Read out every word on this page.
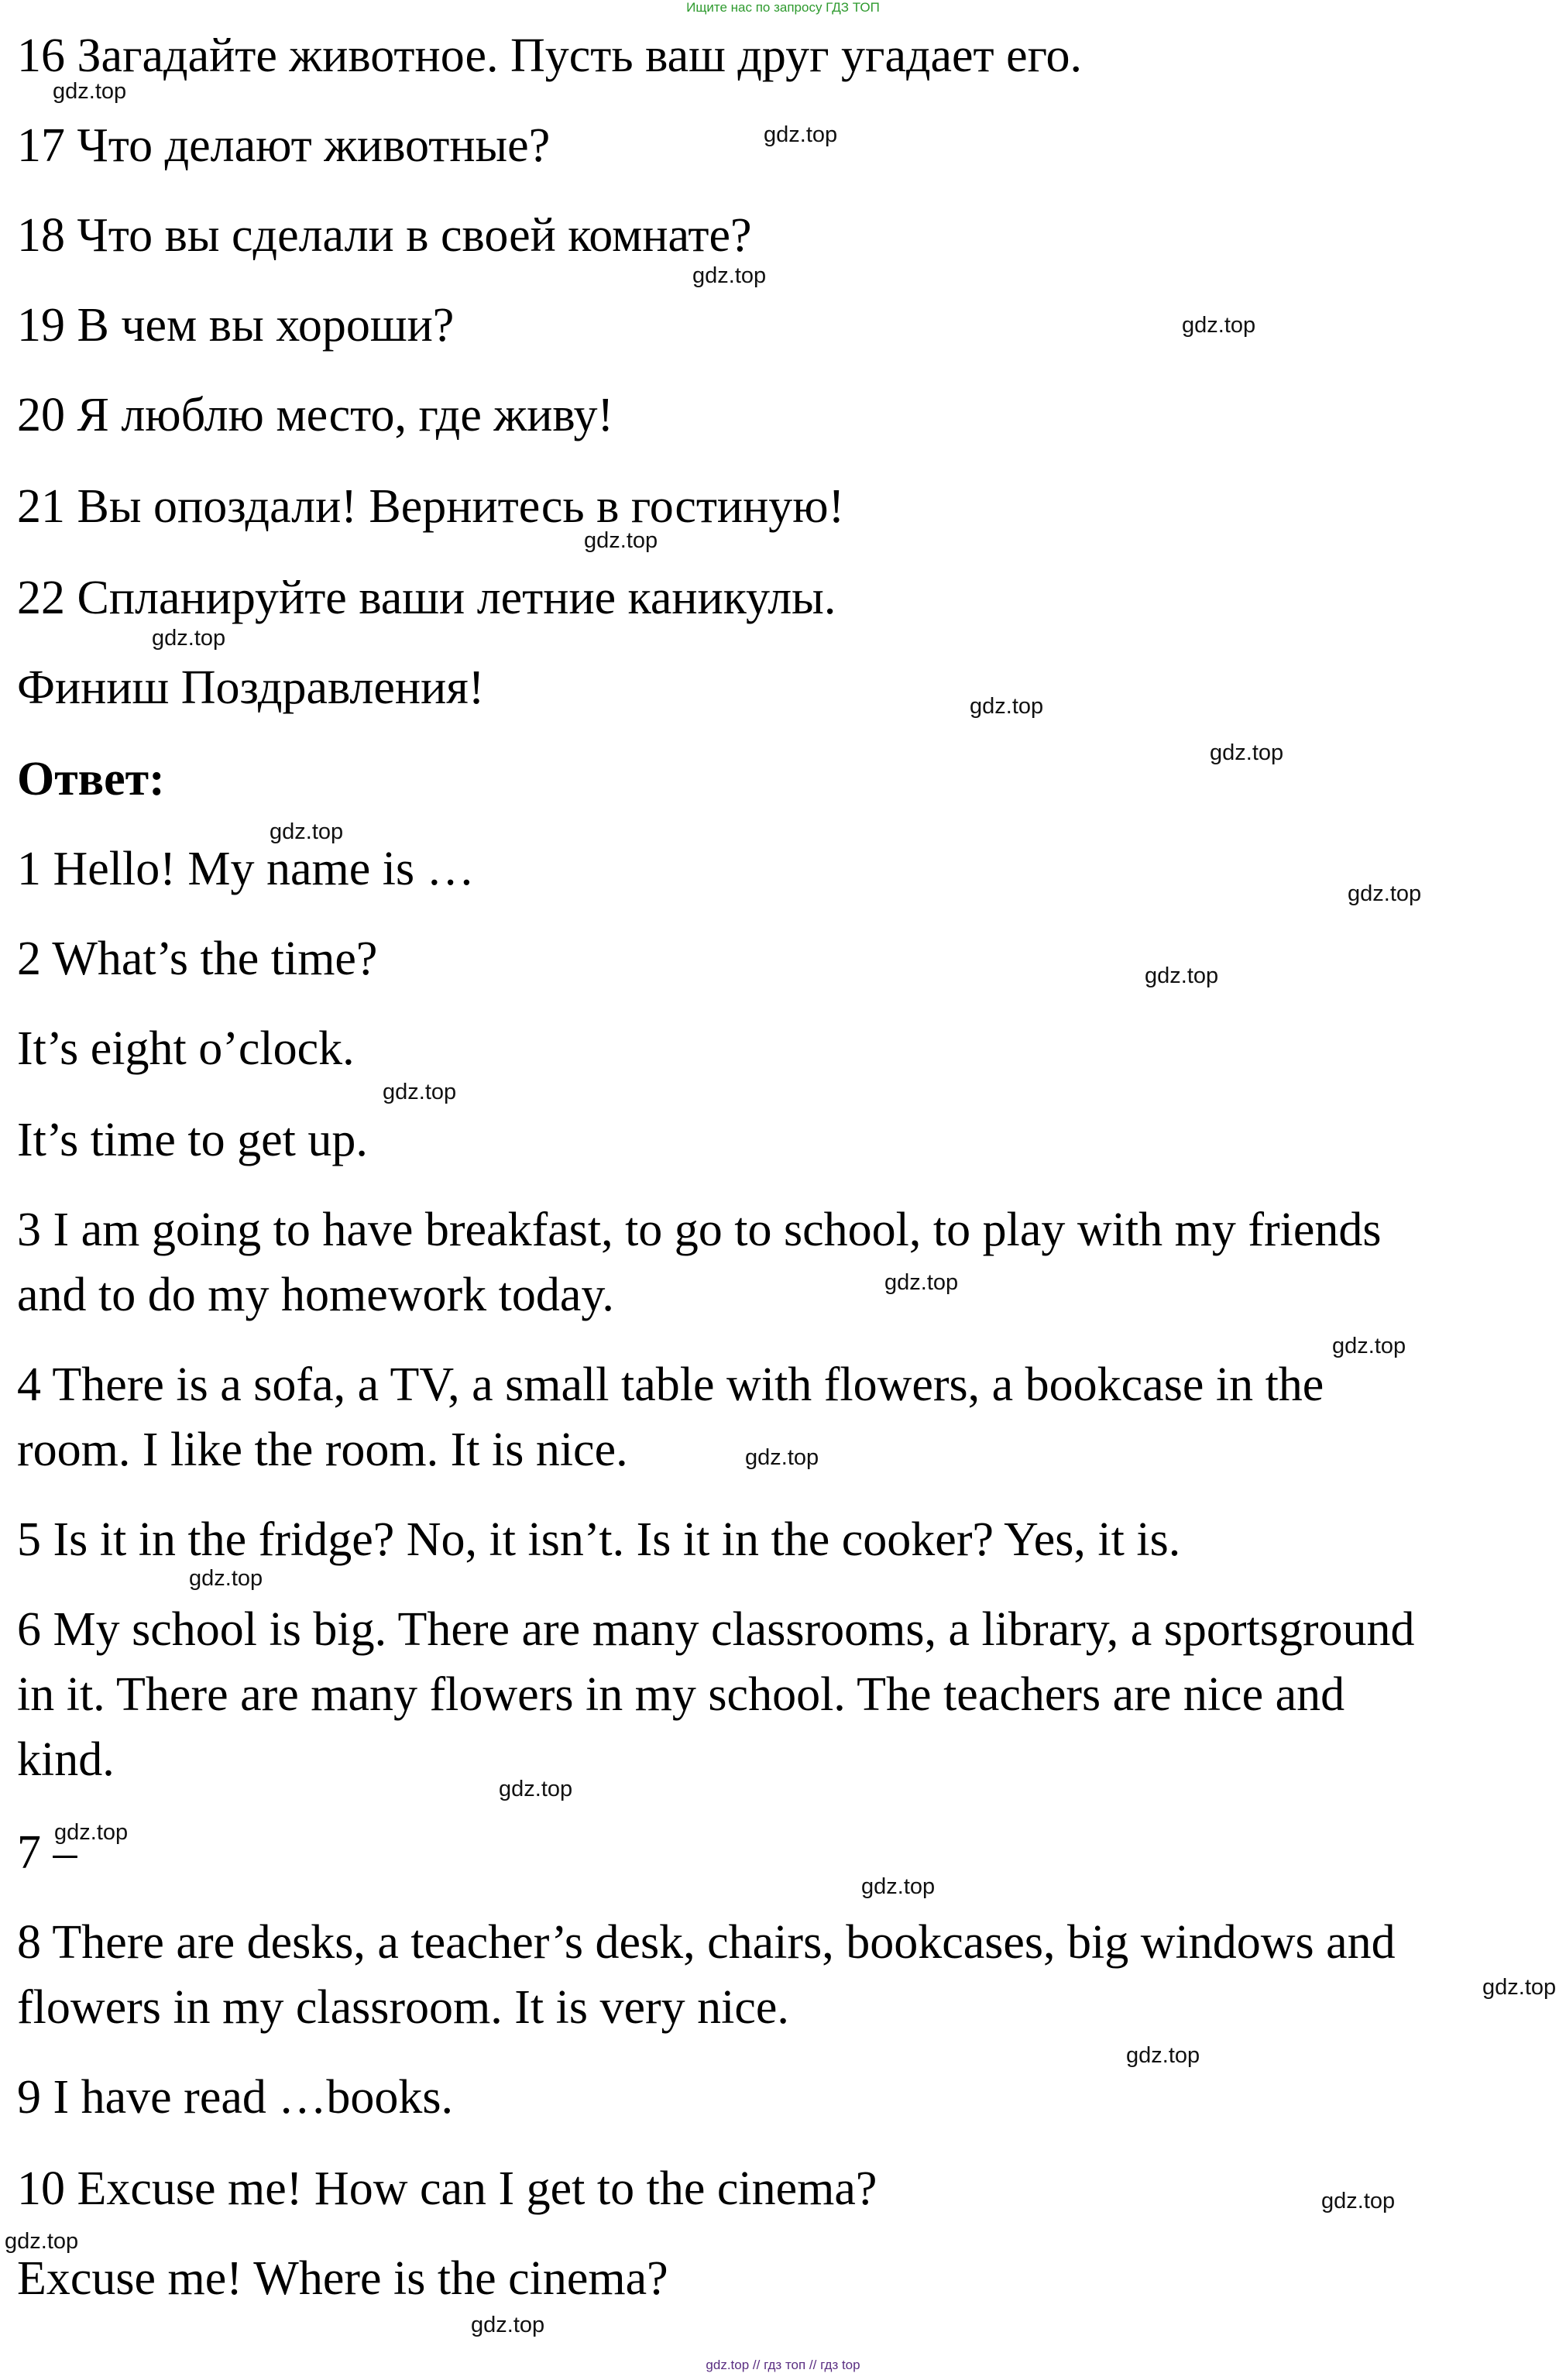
Ищите нас по запросу ГДЗ ТОП

16 Загадайте животное. Пусть ваш друг угадает его.

17 Что делают животные?

18 Что вы сделали в своей комнате?

19 В чем вы хороши?

20 Я люблю место, где живу!

21 Вы опоздали! Вернитесь в гостиную!

22 Спланируйте ваши летние каникулы.

Финиш Поздравления!

Ответ:

1 Hello! My name is …

2 What’s the time?

It’s eight o’clock.

It’s time to get up.

3 I am going to have breakfast, to go to school, to play with my friends

and to do my homework today.

4 There is a sofa, a TV, a small table with flowers, a bookcase in the

room. I like the room. It is nice.

5 Is it in the fridge? No, it isn’t. Is it in the cooker? Yes, it is.

6 My school is big. There are many classrooms, a library, a sportsground

in it. There are many flowers in my school. The teachers are nice and

kind.

7 –

8 There are desks, a teacher’s desk, chairs, bookcases, big windows and

flowers in my classroom. It is very nice.

9 I have read …books.

10 Excuse me! How can I get to the cinema?

Excuse me! Where is the cinema?

gdz.top
gdz.top
gdz.top
gdz.top
gdz.top
gdz.top
gdz.top
gdz.top
gdz.top
gdz.top
gdz.top
gdz.top
gdz.top
gdz.top
gdz.top
gdz.top
gdz.top
gdz.top
gdz.top
gdz.top
gdz.top
gdz.top
gdz.top
gdz.top
gdz.top // гдз топ // гдз top
